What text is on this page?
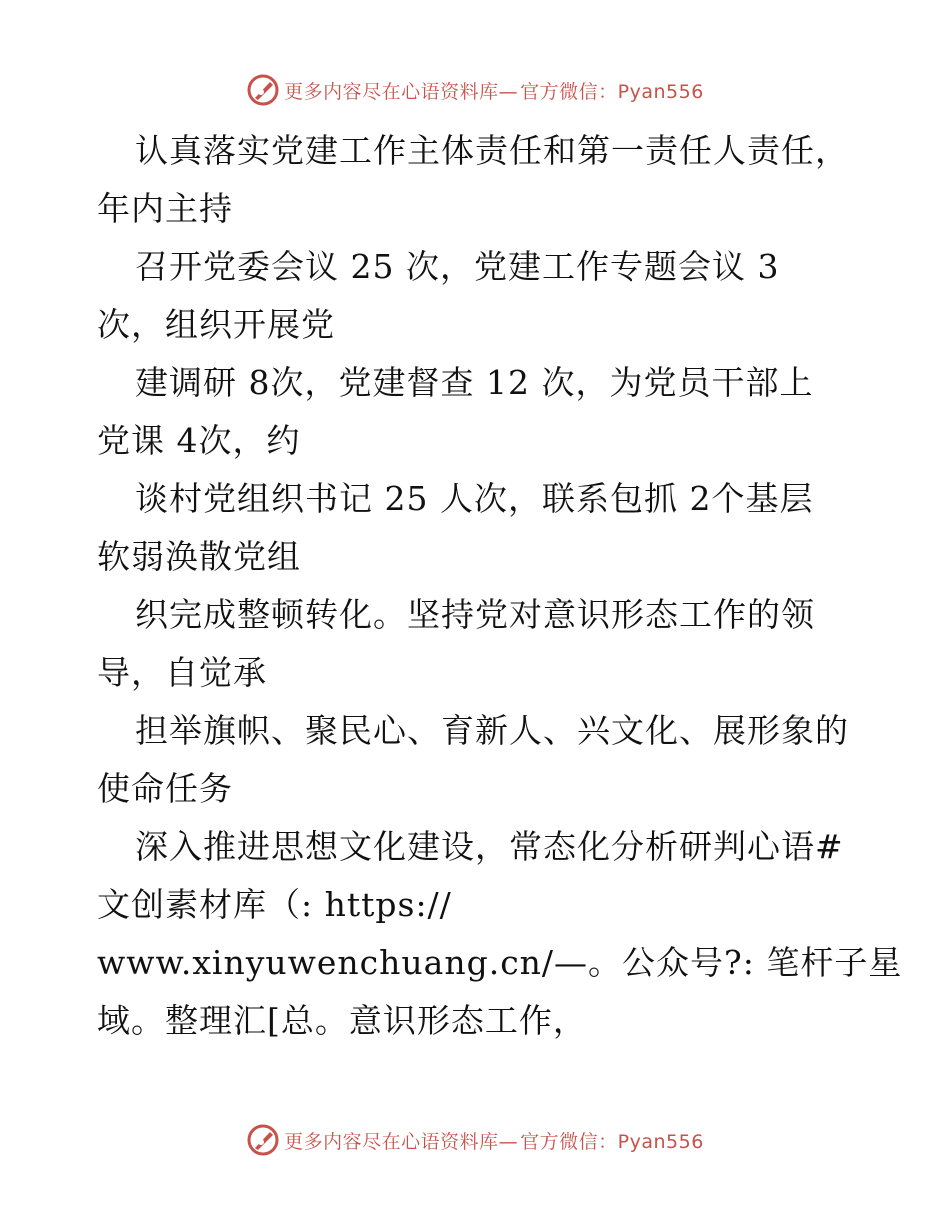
更多内容尽在心语资料库— 官方微信：Pyan556
认真落实党建工作主体责任和第一责任人责任，
年内主持
召开党委会议 25 次，党建工作专题会议 3
次，组织开展党
建调研 8次，党建督查 12 次，为党员干部上
党课 4次，约
谈村党组织书记 25 人次，联系包抓 2个基层
软弱涣散党组
织完成整顿转化。坚持党对意识形态工作的领
导，自觉承
担举旗帜、聚民心、育新人、兴文化、展形象的
使命任务
深入推进思想文化建设，常态化分析研判心语#
文创素材库（: https://
www.xinyuwenchuang.cn/—。公众号?: 笔杆子星
域。整理汇[总。意识形态工作，
更多内容尽在心语资料库— 官方微信：Pyan556
